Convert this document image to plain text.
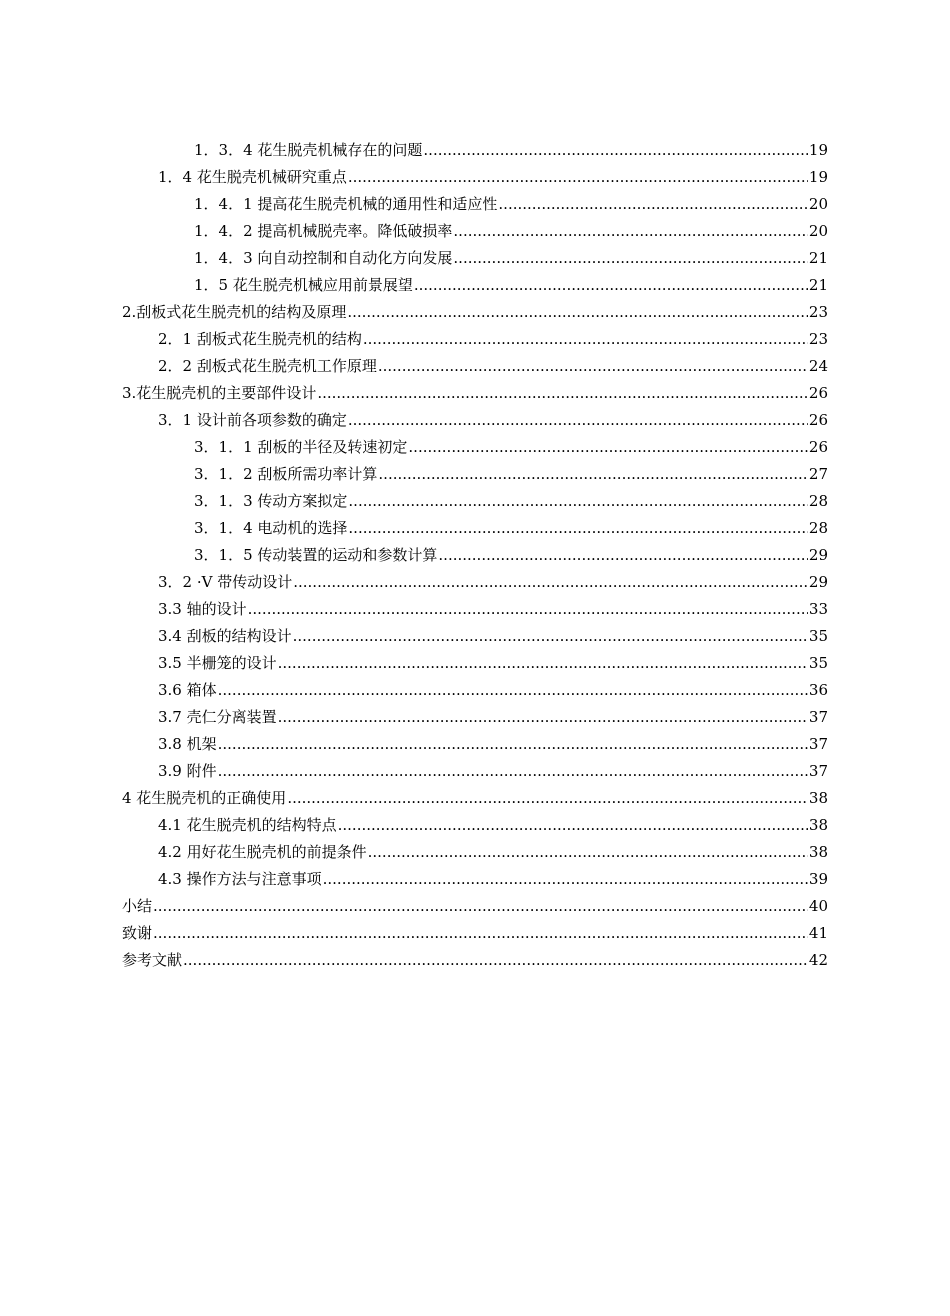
1．3．4 花生脱壳机械存在的问题 .....	19
1．4 花生脱壳机械研究重点 .....	19
1．4．1 提高花生脱壳机械的通用性和适应性 .....	20
1．4．2 提高机械脱壳率。降低破损率 .....	20
1．4．3 向自动控制和自动化方向发展 .....	21
1．5 花生脱壳机械应用前景展望 .....	21
2.刮板式花生脱壳机的结构及原理 .....	23
2．1 刮板式花生脱壳机的结构 .....	23
2．2 刮板式花生脱壳机工作原理 .....	24
3.花生脱壳机的主要部件设计 .....	26
3．1 设计前各项参数的确定 .....	26
3．1．1 刮板的半径及转速初定 .....	26
3．1．2 刮板所需功率计算 .....	27
3．1．3 传动方案拟定 .....	28
3．1．4 电动机的选择 .....	28
3．1．5 传动装置的运动和参数计算 .....	29
3．2 ·V 带传动设计 .....	29
3.3 轴的设计 .....	33
3.4 刮板的结构设计 .....	35
3.5 半栅笼的设计 .....	35
3.6 箱体 .....	36
3.7 壳仁分离装置 .....	37
3.8 机架 .....	37
3.9 附件 .....	37
4 花生脱壳机的正确使用 .....	38
4.1 花生脱壳机的结构特点 .....	38
4.2 用好花生脱壳机的前提条件 .....	38
4.3 操作方法与注意事项 .....	39
小结 .....	40
致谢 .....	41
参考文献 .....	42
